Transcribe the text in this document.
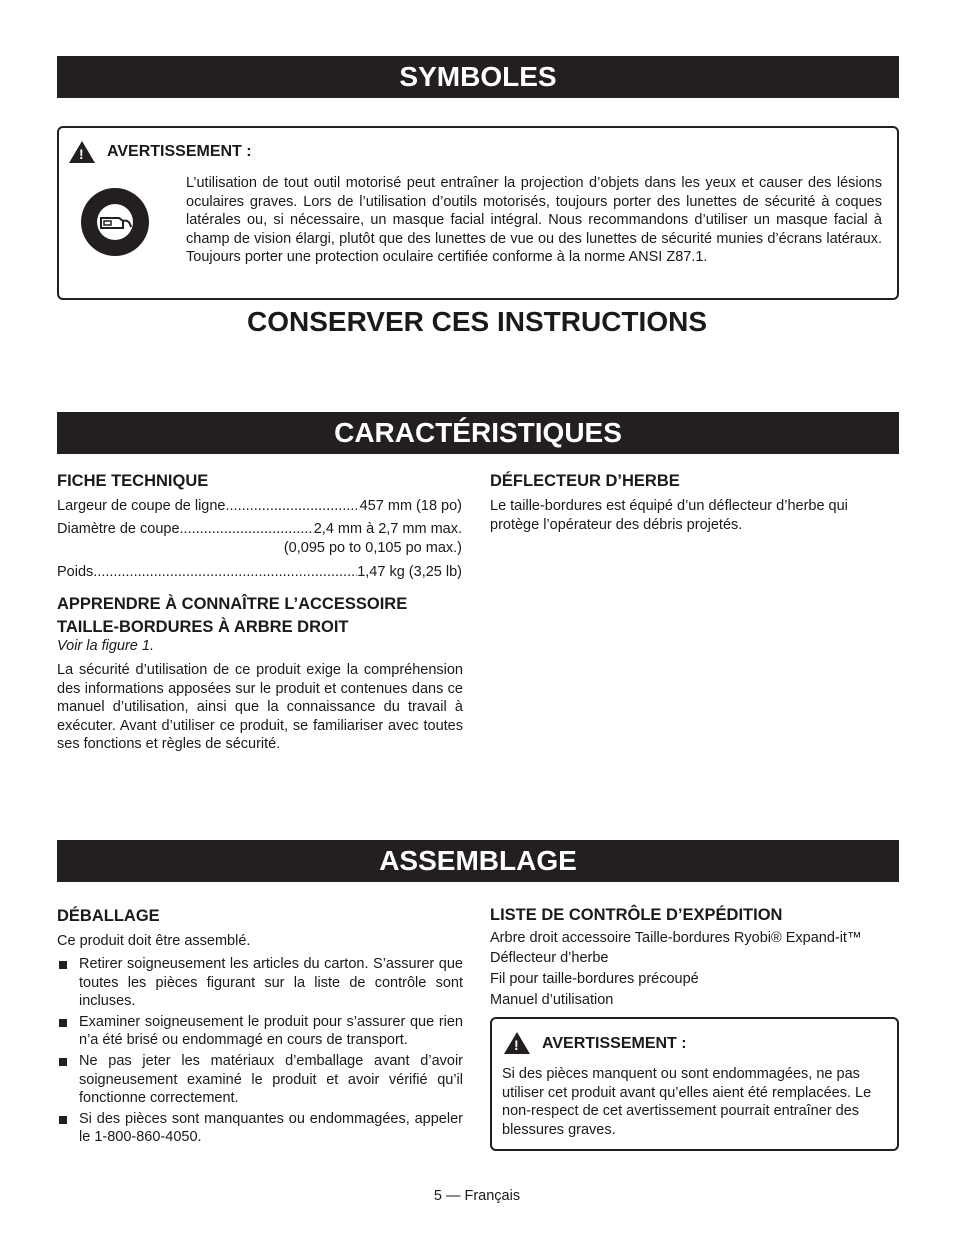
SYMBOLES
! AVERTISSEMENT :
L’utilisation de tout outil motorisé peut entraîner la projection d’objets dans les yeux et causer des lésions oculaires graves. Lors de l’utilisation d’outils motorisés, toujours porter des lunettes de sécurité à coques latérales ou, si nécessaire, un masque facial intégral. Nous recommandons d’utiliser un masque facial à champ de vision élargi, plutôt que des lunettes de vue ou des lunettes de sécurité munies d’écrans latéraux. Toujours porter une protection oculaire certifiée conforme à la norme ANSI Z87.1.
CONSERVER CES INSTRUCTIONS
CARACTÉRISTIQUES
FICHE TECHNIQUE
Largeur de coupe de ligne .....	457 mm (18 po)
Diamètre de coupe .....	2,4 mm à 2,7 mm max.
(0,095 po to 0,105 po max.)
Poids .....	1,47 kg (3,25 lb)
APPRENDRE À CONNAÎTRE L’ACCESSOIRE
TAILLE-BORDURES À ARBRE DROIT
Voir la figure 1.
La sécurité d’utilisation de ce produit exige la compréhension des informations apposées sur le produit et contenues dans ce manuel d’utilisation, ainsi que la connaissance du travail à exécuter. Avant d’utiliser ce produit, se familiariser avec toutes ses fonctions et règles de sécurité.
DÉFLECTEUR D’HERBE
Le taille-bordures est équipé d’un déflecteur d’herbe qui protège l’opérateur des débris projetés.
ASSEMBLAGE
DÉBALLAGE
Ce produit doit être assemblé.
Retirer soigneusement les articles du carton. S’assurer que toutes les pièces figurant sur la liste de contrôle sont incluses.
Examiner soigneusement le produit pour s’assurer que rien n’a été brisé ou endommagé en cours de transport.
Ne pas jeter les matériaux d’emballage avant d’avoir soigneusement examiné le produit et avoir vérifié qu’il fonctionne correctement.
Si des pièces sont manquantes ou endommagées, appeler le 1-800-860-4050.
LISTE DE CONTRÔLE D’EXPÉDITION
Arbre droit accessoire Taille-bordures Ryobi® Expand-it™
Déflecteur d’herbe
Fil pour taille-bordures précoupé
Manuel d’utilisation
! AVERTISSEMENT :
Si des pièces manquent ou sont endommagées, ne pas utiliser cet produit avant qu’elles aient été remplacées. Le non-respect de cet avertissement pourrait entraîner des blessures graves.
5 — Français
